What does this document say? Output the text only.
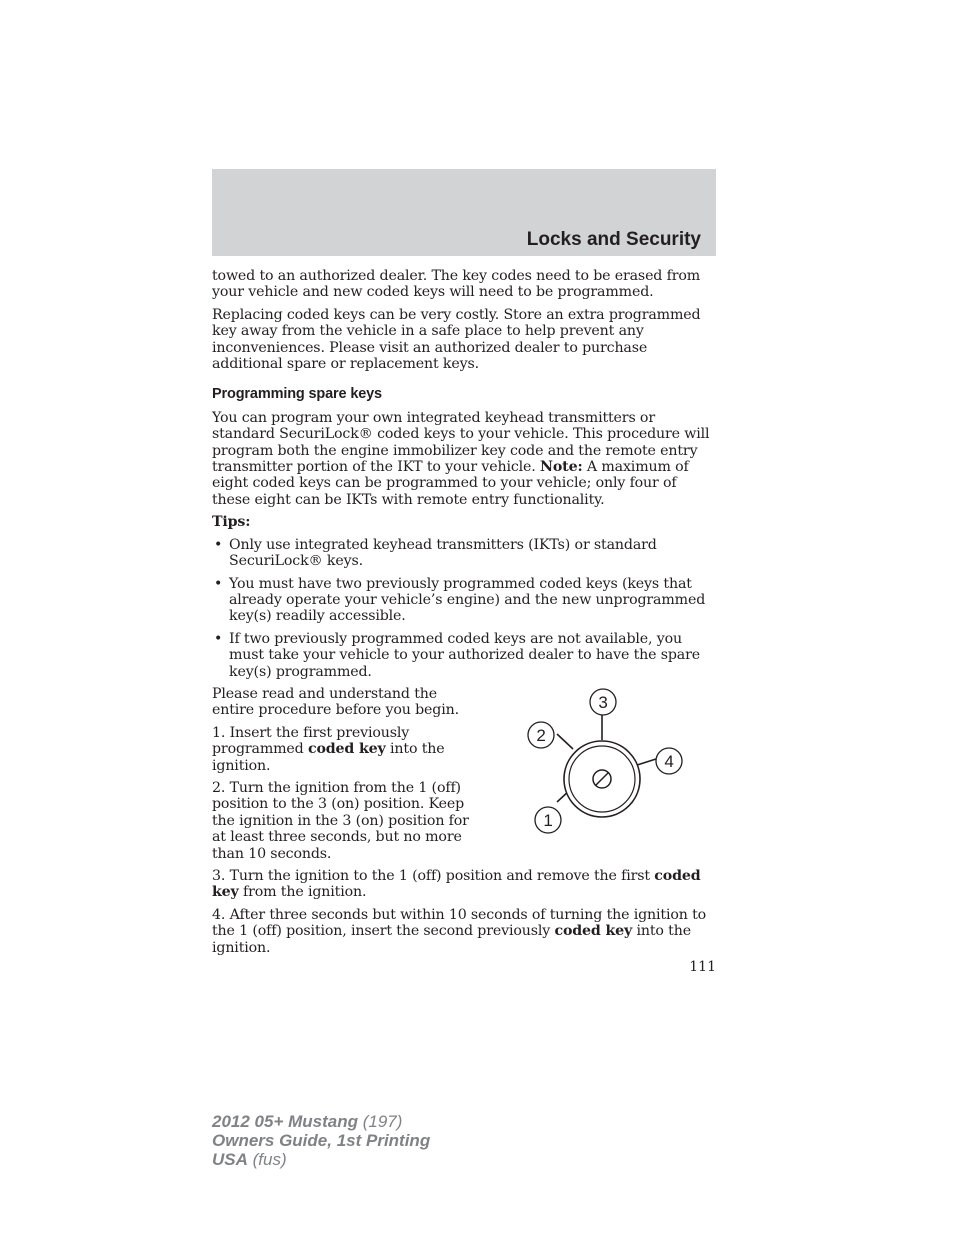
Locks and Security

towed to an authorized dealer. The key codes need to be erased from your vehicle and new coded keys will need to be programmed.

Replacing coded keys can be very costly. Store an extra programmed key away from the vehicle in a safe place to help prevent any inconveniences. Please visit an authorized dealer to purchase additional spare or replacement keys.

Programming spare keys

You can program your own integrated keyhead transmitters or standard SecuriLock® coded keys to your vehicle. This procedure will program both the engine immobilizer key code and the remote entry transmitter portion of the IKT to your vehicle. Note: A maximum of eight coded keys can be programmed to your vehicle; only four of these eight can be IKTs with remote entry functionality.

Tips:

• Only use integrated keyhead transmitters (IKTs) or standard SecuriLock® keys.
• You must have two previously programmed coded keys (keys that already operate your vehicle’s engine) and the new unprogrammed key(s) readily accessible.
• If two previously programmed coded keys are not available, you must take your vehicle to your authorized dealer to have the spare key(s) programmed.

Please read and understand the entire procedure before you begin.

1. Insert the first previously programmed coded key into the ignition.

2. Turn the ignition from the 1 (off) position to the 3 (on) position. Keep the ignition in the 3 (on) position for at least three seconds, but no more than 10 seconds.

3
2
4
1

3. Turn the ignition to the 1 (off) position and remove the first coded key from the ignition.

4. After three seconds but within 10 seconds of turning the ignition to the 1 (off) position, insert the second previously coded key into the ignition.

111
2012 05+ Mustang (197)
Owners Guide, 1st Printing
USA (fus)
